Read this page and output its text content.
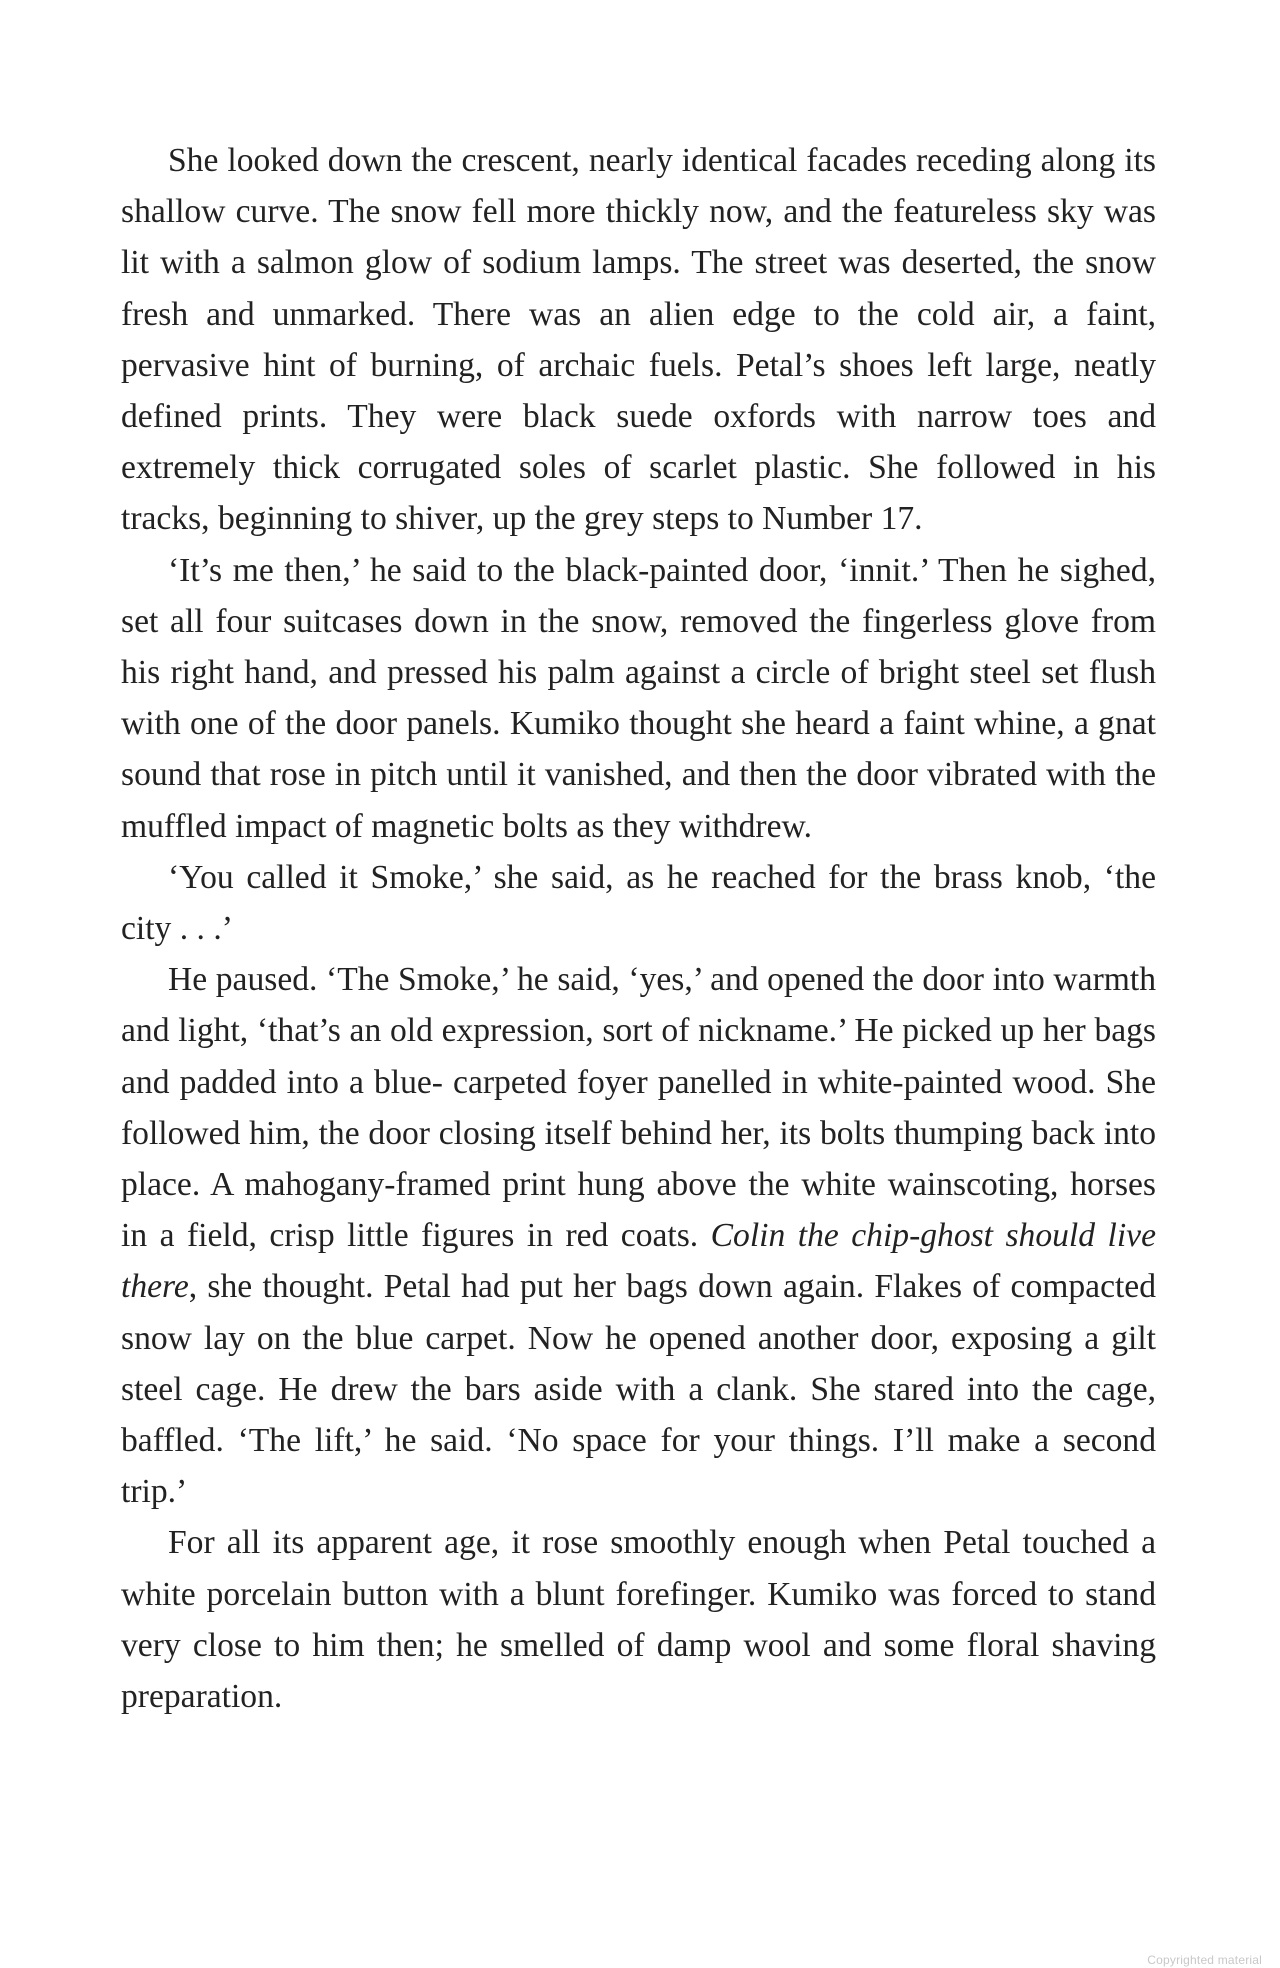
She looked down the crescent, nearly identical facades receding along its shallow curve. The snow fell more thickly now, and the featureless sky was lit with a salmon glow of sodium lamps. The street was deserted, the snow fresh and unmarked. There was an alien edge to the cold air, a faint, pervasive hint of burning, of archaic fuels. Petal’s shoes left large, neatly defined prints. They were black suede oxfords with narrow toes and extremely thick corrugated soles of scarlet plastic. She followed in his tracks, beginning to shiver, up the grey steps to Number 17.

‘It’s me then,’ he said to the black-painted door, ‘innit.’ Then he sighed, set all four suitcases down in the snow, removed the fingerless glove from his right hand, and pressed his palm against a circle of bright steel set flush with one of the door panels. Kumiko thought she heard a faint whine, a gnat sound that rose in pitch until it vanished, and then the door vibrated with the muffled impact of magnetic bolts as they withdrew.

‘You called it Smoke,’ she said, as he reached for the brass knob, ‘the city . . .’

He paused. ‘The Smoke,’ he said, ‘yes,’ and opened the door into warmth and light, ‘that’s an old expression, sort of nickname.’ He picked up her bags and padded into a blue- carpeted foyer panelled in white-painted wood. She followed him, the door closing itself behind her, its bolts thumping back into place. A mahogany-framed print hung above the white wainscoting, horses in a field, crisp little figures in red coats. Colin the chip-ghost should live there, she thought. Petal had put her bags down again. Flakes of compacted snow lay on the blue carpet. Now he opened another door, exposing a gilt steel cage. He drew the bars aside with a clank. She stared into the cage, baffled. ‘The lift,’ he said. ‘No space for your things. I’ll make a second trip.’

For all its apparent age, it rose smoothly enough when Petal touched a white porcelain button with a blunt forefinger. Kumiko was forced to stand very close to him then; he smelled of damp wool and some floral shaving preparation.

Copyrighted material
